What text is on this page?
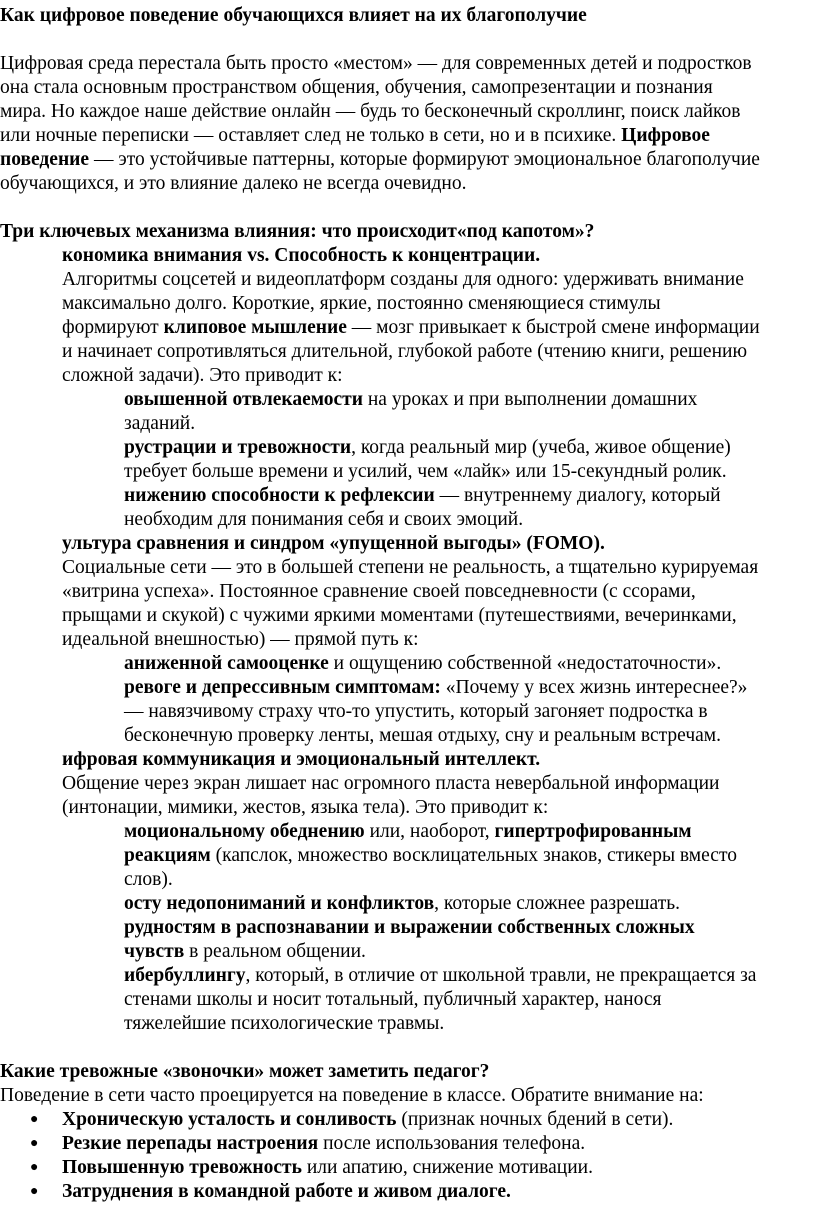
Как цифровое поведение обучающихся влияет на их благополучие
Цифровая среда перестала быть просто «местом» — для современных детей и подростков
она стала основным пространством общения, обучения, самопрезентации и познания
мира. Но каждое наше действие онлайн — будь то бесконечный скроллинг, поиск лайков
или ночные переписки — оставляет след не только в сети, но и в психике. Цифровое
поведение — это устойчивые паттерны, которые формируют эмоциональное благополучие
обучающихся, и это влияние далеко не всегда очевидно.
Три ключевых механизма влияния: что происходит«под капотом»?
кономика внимания vs. Способность к концентрации.
Алгоритмы соцсетей и видеоплатформ созданы для одного: удерживать внимание
максимально долго. Короткие, яркие, постоянно сменяющиеся стимулы
формируют клиповое мышление — мозг привыкает к быстрой смене информации
и начинает сопротивляться длительной, глубокой работе (чтению книги, решению
сложной задачи). Это приводит к:
овышенной отвлекаемости на уроках и при выполнении домашних
заданий.
рустрации и тревожности, когда реальный мир (учеба, живое общение)
требует больше времени и усилий, чем «лайк» или 15-секундный ролик.
нижению способности к рефлексии — внутреннему диалогу, который
необходим для понимания себя и своих эмоций.
ультура сравнения и синдром «упущенной выгоды» (FOMO).
Социальные сети — это в большей степени не реальность, а тщательно курируемая
«витрина успеха». Постоянное сравнение своей повседневности (с ссорами,
прыщами и скукой) с чужими яркими моментами (путешествиями, вечеринками,
идеальной внешностью) — прямой путь к:
аниженной самооценке и ощущению собственной «недостаточности».
ревоге и депрессивным симптомам: «Почему у всех жизнь интереснее?»
— навязчивому страху что-то упустить, который загоняет подростка в
бесконечную проверку ленты, мешая отдыху, сну и реальным встречам.
ифровая коммуникация и эмоциональный интеллект.
Общение через экран лишает нас огромного пласта невербальной информации
(интонации, мимики, жестов, языка тела). Это приводит к:
моциональному обеднению или, наоборот, гипертрофированным
реакциям (капслок, множество восклицательных знаков, стикеры вместо
слов).
осту недопониманий и конфликтов, которые сложнее разрешать.
рудностям в распознавании и выражении собственных сложных
чувств в реальном общении.
ибербуллингу, который, в отличие от школьной травли, не прекращается за
стенами школы и носит тотальный, публичный характер, нанося
тяжелейшие психологические травмы.
Какие тревожные «звоночки» может заметить педагог?
Поведение в сети часто проецируется на поведение в классе. Обратите внимание на:
● Хроническую усталость и сонливость (признак ночных бдений в сети).
● Резкие перепады настроения после использования телефона.
● Повышенную тревожность или апатию, снижение мотивации.
● Затруднения в командной работе и живом диалоге.
